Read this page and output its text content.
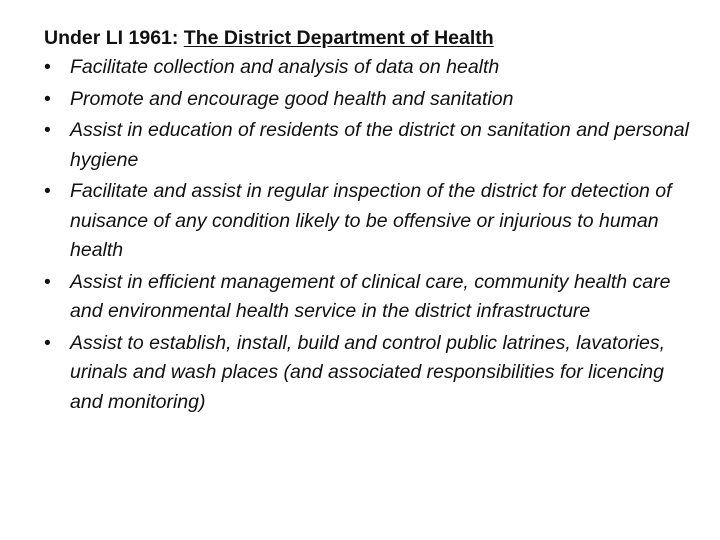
Under LI 1961: The District Department of Health

• Facilitate collection and analysis of data on health
• Promote and encourage good health and sanitation
• Assist in education of residents of the district on sanitation and personal hygiene
• Facilitate and assist in regular inspection of the district for detection of nuisance of any condition likely to be offensive or injurious to human health
• Assist in efficient management of clinical care, community health care and environmental health service in the district infrastructure
• Assist to establish, install, build and control public latrines, lavatories, urinals and wash places (and associated responsibilities for licencing and monitoring)
